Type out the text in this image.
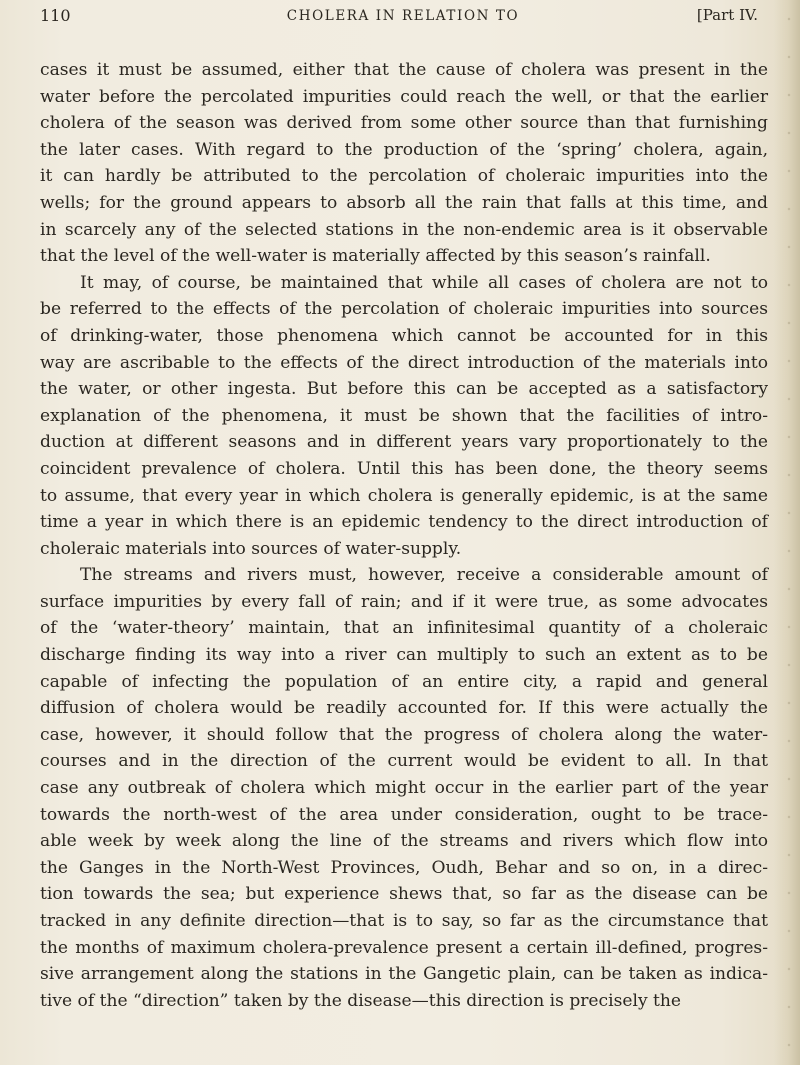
110	CHOLERA IN RELATION TO	[Part IV.
cases it must be assumed, either that the cause of cholera was present in the
water before the percolated impurities could reach the well, or that the earlier
cholera of the season was derived from some other source than that furnishing
the later cases. With regard to the production of the ‘spring’ cholera, again,
it can hardly be attributed to the percolation of choleraic impurities into the
wells; for the ground appears to absorb all the rain that falls at this time, and
in scarcely any of the selected stations in the non-endemic area is it observable
that the level of the well-water is materially affected by this season’s rainfall.
It may, of course, be maintained that while all cases of cholera are not to
be referred to the effects of the percolation of choleraic impurities into sources
of drinking-water, those phenomena which cannot be accounted for in this
way are ascribable to the effects of the direct introduction of the materials into
the water, or other ingesta. But before this can be accepted as a satisfactory
explanation of the phenomena, it must be shown that the facilities of intro-
duction at different seasons and in different years vary proportionately to the
coincident prevalence of cholera. Until this has been done, the theory seems
to assume, that every year in which cholera is generally epidemic, is at the same
time a year in which there is an epidemic tendency to the direct introduction of
choleraic materials into sources of water-supply.
The streams and rivers must, however, receive a considerable amount of
surface impurities by every fall of rain; and if it were true, as some advocates
of the ‘water-theory’ maintain, that an infinitesimal quantity of a choleraic
discharge finding its way into a river can multiply to such an extent as to be
capable of infecting the population of an entire city, a rapid and general
diffusion of cholera would be readily accounted for. If this were actually the
case, however, it should follow that the progress of cholera along the water-
courses and in the direction of the current would be evident to all. In that
case any outbreak of cholera which might occur in the earlier part of the year
towards the north-west of the area under consideration, ought to be trace-
able week by week along the line of the streams and rivers which flow into
the Ganges in the North-West Provinces, Oudh, Behar and so on, in a direc-
tion towards the sea; but experience shews that, so far as the disease can be
tracked in any definite direction—that is to say, so far as the circumstance that
the months of maximum cholera-prevalence present a certain ill-defined, progres-
sive arrangement along the stations in the Gangetic plain, can be taken as indica-
tive of the “direction” taken by the disease—this direction is precisely the
